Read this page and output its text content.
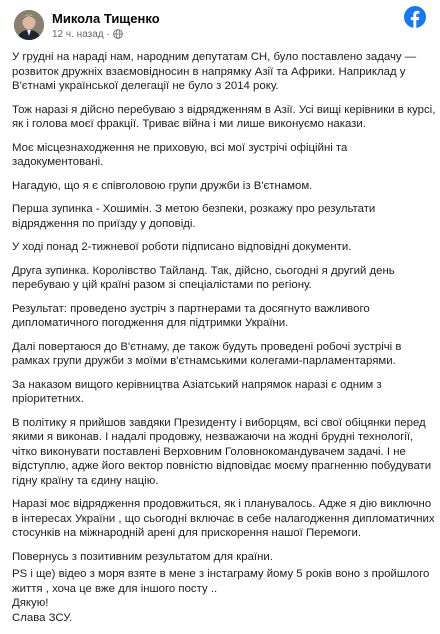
Микола Тищенко
12 ч. назад ·

У грудні на нараді нам, народним депутатам СН, було поставлено задачу —
розвиток дружніх взаємовідносин в напрямку Азії та Африки. Наприклад у
В'єтнамі української делегації не було з 2014 року.

Тож наразі я дійсно перебуваю з відрядженням в Азії. Усі вищі керівники в курсі,
як і голова моєї фракції. Триває війна і ми лише виконуємо накази.

Моє місцезнаходження не приховую, всі мої зустрічі офіційні та
задокументовані.

Нагадую, що я є співголовою групи дружби із В'єтнамом.

Перша зупинка - Хошимін. З метою безпеки, розкажу про результати
відрядження по приїзду у доповіді.

У ході понад 2-тижневої роботи підписано відповідні документи.

Друга зупинка. Королівство Тайланд. Так, дійсно, сьогодні я другий день
перебуваю у цій країні разом зі спеціалістами по регіону.

Результат: проведено зустріч з партнерами та досягнуто важливого
дипломатичного погодження для підтримки України.

Далі повертаюся до В'єтнаму, де також будуть проведені робочі зустрічі в
рамках групи дружби з моїми в'єтнамськими колегами-парламентарями.

За наказом вищого керівництва Азіатський напрямок наразі є одним з
пріоритетних.

В політику я прийшов завдяки Президенту і виборцям, всі свої обіцянки перед
якими я виконав. І надалі продовжу, незважаючи на жодні брудні технології,
чітко виконувати поставлені Верховним Головнокомандувачем задачі. І не
відступлю, адже його вектор повністю відповідає моєму прагненню побудувати
гідну країну та єдину націю.

Наразі моє відрядження продовжиться, як і планувалось. Адже я дію виключно
в інтересах України , що сьогодні включає в себе налагодження дипломатичних
стосунків на міжнародній арені для прискорення нашої Перемоги.

Повернусь з позитивним результатом для країни.

PS і ще) відео з моря взяте в мене з інстаграму йому 5 років воно з пройшлого
життя , хоча це вже для іншого посту ..
Дякую!
Слава ЗСУ.
